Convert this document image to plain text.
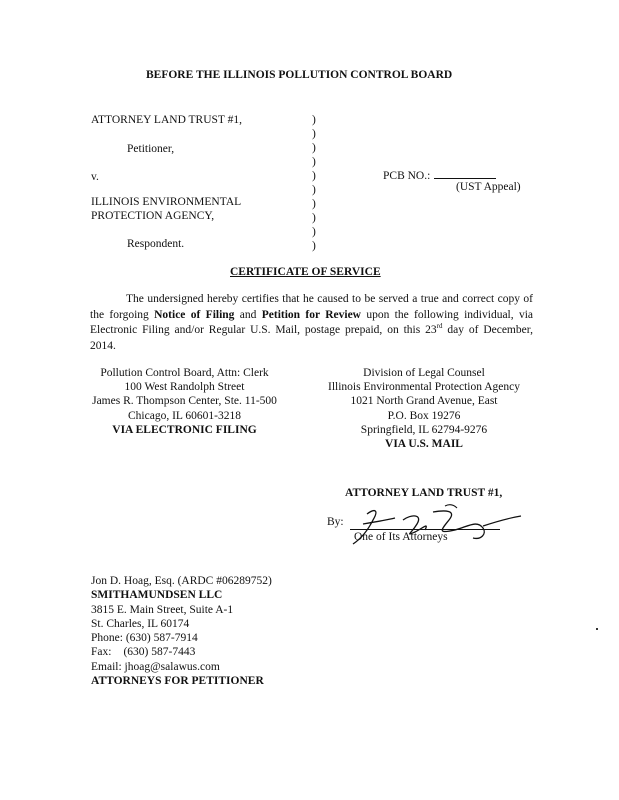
BEFORE THE ILLINOIS POLLUTION CONTROL BOARD
ATTORNEY LAND TRUST #1,
Petitioner,
v.
ILLINOIS ENVIRONMENTAL
PROTECTION AGENCY,
Respondent.
)
)
)
)
)
)
)
)
)
)
PCB NO.:
(UST Appeal)
CERTIFICATE OF SERVICE

The undersigned hereby certifies that he caused to be served a true and correct copy of the forgoing Notice of Filing and Petition for Review upon the following individual, via Electronic Filing and/or Regular U.S. Mail, postage prepaid, on this 23rd day of December, 2014.

Pollution Control Board, Attn: Clerk
100 West Randolph Street
James R. Thompson Center, Ste. 11-500
Chicago, IL 60601-3218
VIA ELECTRONIC FILING
Division of Legal Counsel
Illinois Environmental Protection Agency
1021 North Grand Avenue, East
P.O. Box 19276
Springfield, IL 62794-9276
VIA U.S. MAIL
ATTORNEY LAND TRUST #1,
By:
One of Its Attorneys
Jon D. Hoag, Esq. (ARDC #06289752)
SMITHAMUNDSEN LLC
3815 E. Main Street, Suite A-1
St. Charles, IL 60174
Phone: (630) 587-7914
Fax: (630) 587-7443
Email: jhoag@salawus.com
ATTORNEYS FOR PETITIONER
